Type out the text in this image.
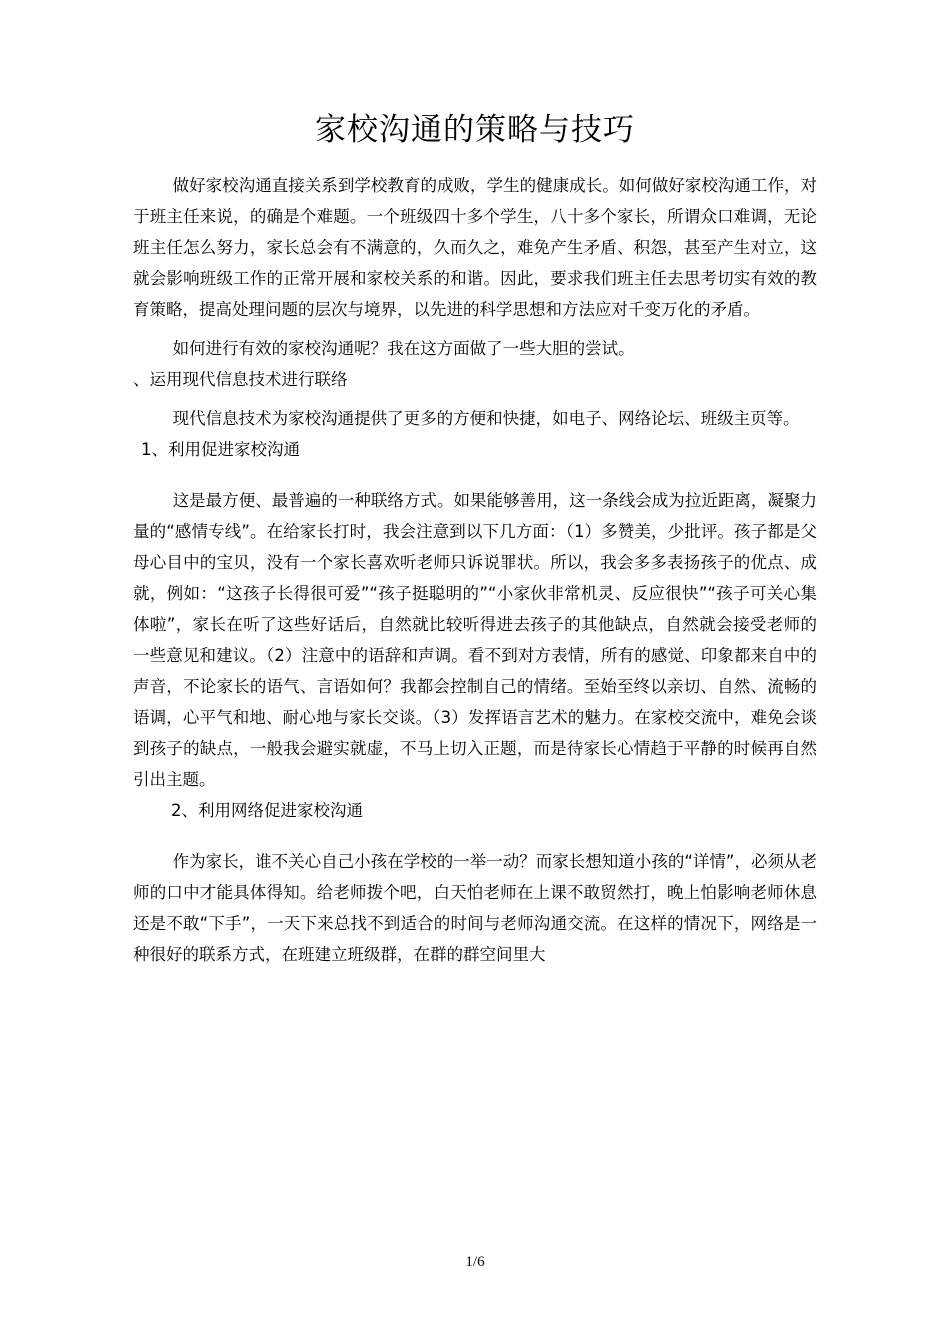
家校沟通的策略与技巧

做好家校沟通直接关系到学校教育的成败，学生的健康成长。如何做好家校沟通工作，对于班主任来说，的确是个难题。一个班级四十多个学生，八十多个家长，所谓众口难调，无论班主任怎么努力，家长总会有不满意的，久而久之，难免产生矛盾、积怨，甚至产生对立，这就会影响班级工作的正常开展和家校关系的和谐。因此，要求我们班主任去思考切实有效的教育策略，提高处理问题的层次与境界，以先进的科学思想和方法应对千变万化的矛盾。

如何进行有效的家校沟通呢？我在这方面做了一些大胆的尝试。

、运用现代信息技术进行联络

现代信息技术为家校沟通提供了更多的方便和快捷，如电子、网络论坛、班级主页等。

1、利用促进家校沟通

这是最方便、最普遍的一种联络方式。如果能够善用，这一条线会成为拉近距离，凝聚力量的“感情专线”。在给家长打时，我会注意到以下几方面：（1）多赞美，少批评。孩子都是父母心目中的宝贝，没有一个家长喜欢听老师只诉说罪状。所以，我会多多表扬孩子的优点、成就，例如：“这孩子长得很可爱”“孩子挺聪明的”“小家伙非常机灵、反应很快”“孩子可关心集体啦”，家长在听了这些好话后，自然就比较听得进去孩子的其他缺点，自然就会接受老师的一些意见和建议。（2）注意中的语辞和声调。看不到对方表情，所有的感觉、印象都来自中的声音，不论家长的语气、言语如何？我都会控制自己的情绪。至始至终以亲切、自然、流畅的语调，心平气和地、耐心地与家长交谈。（3）发挥语言艺术的魅力。在家校交流中，难免会谈到孩子的缺点，一般我会避实就虚，不马上切入正题，而是待家长心情趋于平静的时候再自然引出主题。

2、利用网络促进家校沟通

作为家长，谁不关心自己小孩在学校的一举一动？而家长想知道小孩的“详情”，必须从老师的口中才能具体得知。给老师拨个吧，白天怕老师在上课不敢贸然打，晚上怕影响老师休息还是不敢“下手”，一天下来总找不到适合的时间与老师沟通交流。在这样的情况下，网络是一种很好的联系方式，在班建立班级群，在群的群空间里大

1/6
